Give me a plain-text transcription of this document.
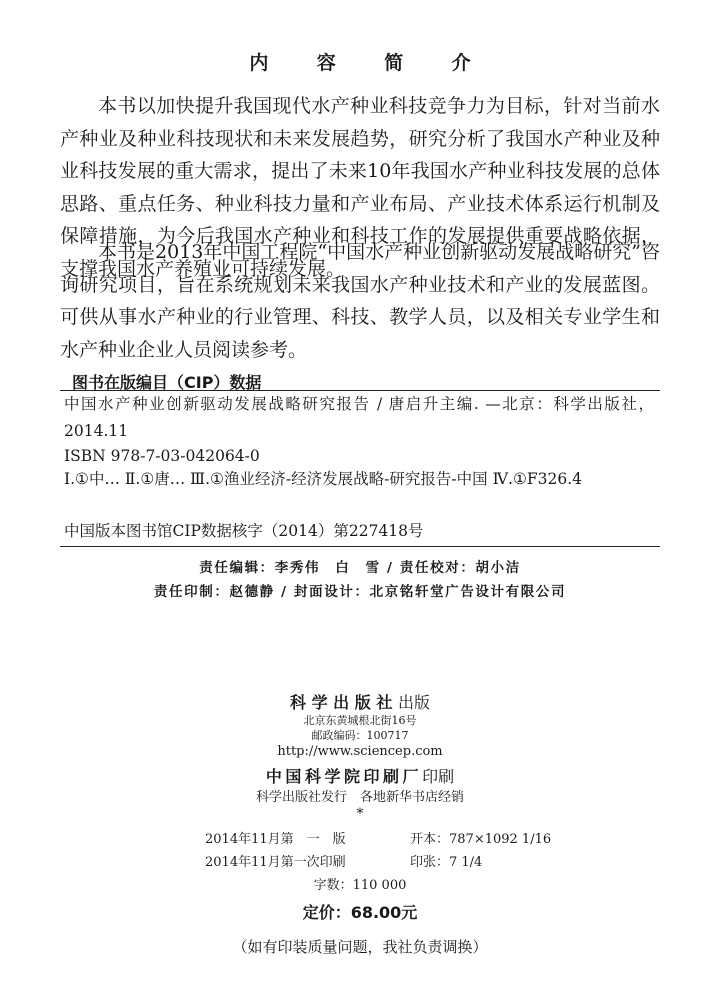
内 容 简 介

本书以加快提升我国现代水产种业科技竞争力为目标，针对当前水产种业及种业科技现状和未来发展趋势，研究分析了我国水产种业及种业科技发展的重大需求，提出了未来10年我国水产种业科技发展的总体思路、重点任务、种业科技力量和产业布局、产业技术体系运行机制及保障措施，为今后我国水产种业和科技工作的发展提供重要战略依据，支撑我国水产养殖业可持续发展。

本书是2013年中国工程院“中国水产种业创新驱动发展战略研究”咨询研究项目，旨在系统规划未来我国水产种业技术和产业的发展蓝图。可供从事水产种业的行业管理、科技、教学人员，以及相关专业学生和水产种业企业人员阅读参考。

图书在版编目（CIP）数据

中国水产种业创新驱动发展战略研究报告 / 唐启升主编. —北京：科学出版社，2014.11

ISBN 978-7-03-042064-0

Ⅰ.①中… Ⅱ.①唐… Ⅲ.①渔业经济-经济发展战略-研究报告-中国 Ⅳ.①F326.4

中国版本图书馆CIP数据核字（2014）第227418号

责任编辑：李秀伟　白　雪 / 责任校对：胡小洁
责任印制：赵德静 / 封面设计：北京铭轩堂广告设计有限公司
科学出版社出版
北京东黄城根北街16号
邮政编码：100717
http://www.sciencep.com
中国科学院印刷厂印刷
科学出版社发行　各地新华书店经销
*
2014年11月第　一　版	开本：787×1092 1/16
2014年11月第一次印刷	印张：7 1/4
字数：110 000
定价：68.00元
（如有印装质量问题，我社负责调换）
